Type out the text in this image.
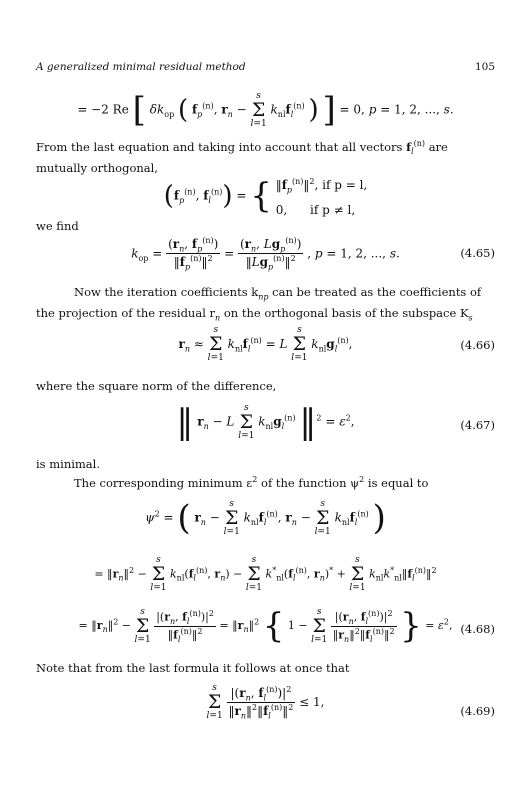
A generalized minimal residual method	105
= −2 Re [ $\delta k_{op}$ ( $f_p^{(n)}$, $r_n - s$
Σ
l=1 $k_{nl}f_l^{(n)}$ ) ] = 0, p = 1, 2, ..., s.
From the last equation and taking into account that all vectors $f_l^{(n)}$ are mutually orthogonal,
($f_p^{(n)}$, $f_l^{(n)}$) = { $‖f_p^{(n)}‖^2$, if p = l,
0, if p ≠ l,
we find
$k_{op} = \frac{(r_n, f_p^{(n)})}{‖f_p^{(n)}‖^2} = \frac{(r_n, Lg_p^{(n)})}{‖Lg_p^{(n)}‖^2}$ , p = 1, 2, ..., s.	(4.65)
Now the iteration coefficients $k_{np}$ can be treated as the coefficients of the projection of the residual $r_n$ on the orthogonal basis of the subspace $K_s$
$r_n \approx s$
Σ
l=1 $k_{nl}f_l^{(n)} = L$ s
Σ
l=1 $k_{nl}g_l^{(n)}$,	(4.66)
where the square norm of the difference,
‖ $r_n - L$ s
Σ
l=1 $k_{nl}g_l^{(n)}$ ‖$^2$ = $\varepsilon^2$,	(4.67)
is minimal.
The corresponding minimum $\varepsilon^2$ of the function $\psi^2$ is equal to
$\psi^2$ = ( $r_n - s$
Σ
l=1 $k_{nl}f_l^{(n)}$, $r_n - s$
Σ
l=1 $k_{nl}f_l^{(n)}$ )
= $‖r_n‖^2 - s$
Σ
l=1 $k_{nl}(f_l^{(n)}$, $r_n) - s$
Σ
l=1 $k^*_{nl}(f_l^{(n)}$, $r_n)^* + s$
Σ
l=1 $k_{nl}k^*_{nl}‖f_l^{(n)}‖^2$
= $‖r_n‖^2 - s$
Σ
$l=1 \frac{|(r_n, f_l^{(n)})|^2}{‖f_l^{(n)}‖^2}$ = $‖r_n‖^2$ { 1 − s
Σ
$l=1 \frac{|(r_n, f_l^{(n)})|^2}{‖r_n‖^2‖f_l^{(n)}‖^2}$ } = $\varepsilon^2$, (4.68)
Note that from the last formula it follows at once that
s
Σ
$l=1 \frac{|(r_n, f_l^{(n)})|^2}{‖r_n‖^2‖f_l^{(n)}‖^2} \le 1$,
(4.69)
